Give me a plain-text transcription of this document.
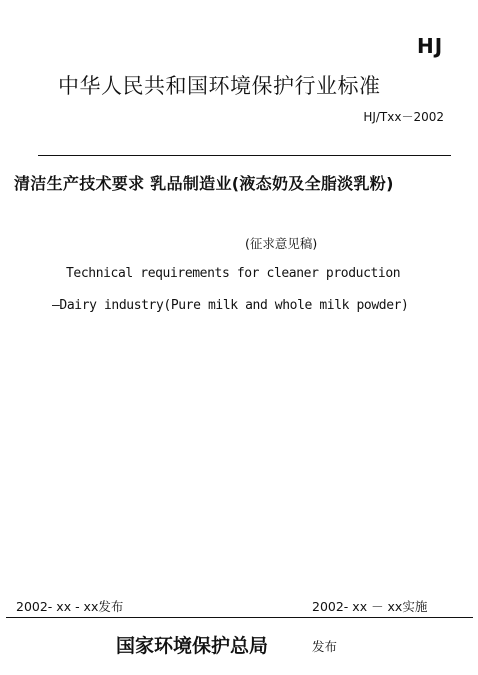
HJ
中华人民共和国环境保护行业标准
HJ/Txx－2002
清洁生产技术要求 乳品制造业(液态奶及全脂淡乳粉)
(征求意见稿)
Technical requirements for cleaner production
—Dairy industry(Pure milk and whole milk powder)
2002- xx - xx发布	2002- xx － xx实施
国家环境保护总局	发布
